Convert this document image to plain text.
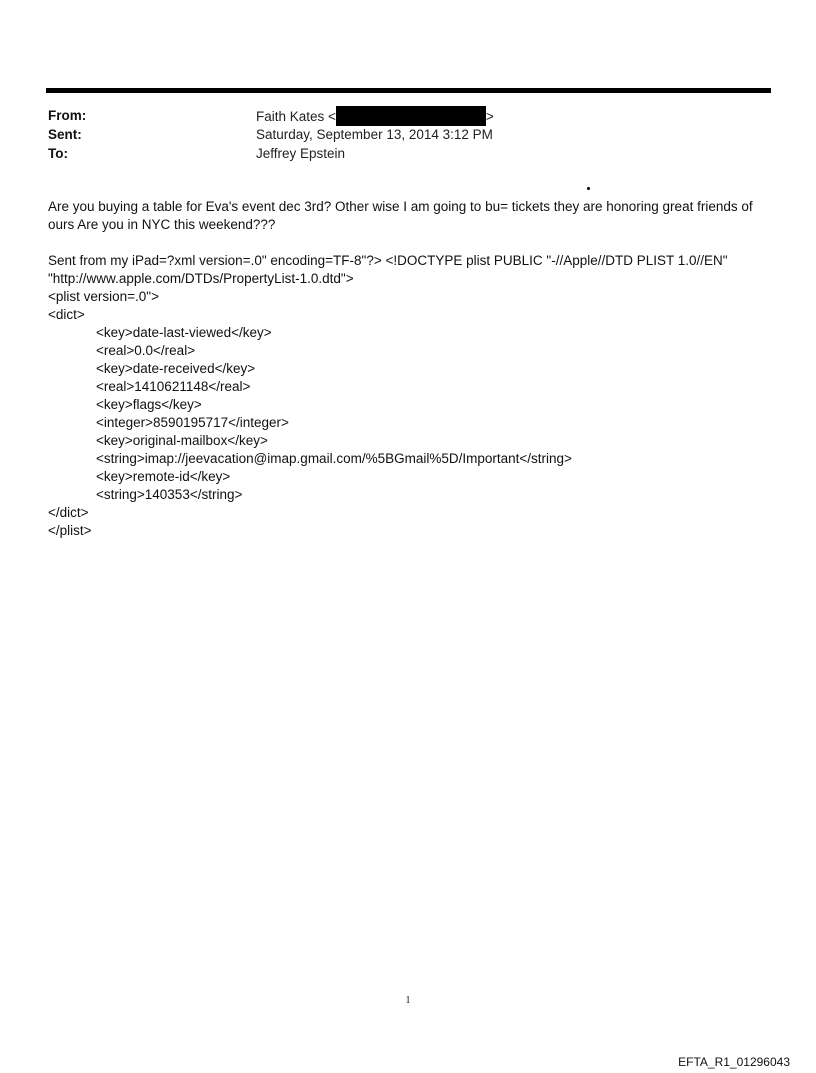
From:	Faith Kates <	>
Sent:	Saturday, September 13, 2014 3:12 PM
To:	Jeffrey Epstein

Are you buying a table for Eva's event dec 3rd? Other wise I am going to bu= tickets they are honoring great friends of ours Are you in NYC this weekend???

Sent from my iPad=?xml version=.0" encoding=TF-8"?> <!DOCTYPE plist PUBLIC "-//Apple//DTD PLIST 1.0//EN"

"http://www.apple.com/DTDs/PropertyList-1.0.dtd">
<plist version=.0">
<dict>
<key>date-last-viewed</key>
<real>0.0</real>
<key>date-received</key>
<real>1410621148</real>
<key>flags</key>
<integer>8590195717</integer>
<key>original-mailbox</key>
<string>imap://jeevacation@imap.gmail.com/%5BGmail%5D/Important</string>
<key>remote-id</key>
<string>140353</string>
</dict>
</plist>
1
EFTA_R1_01296043
